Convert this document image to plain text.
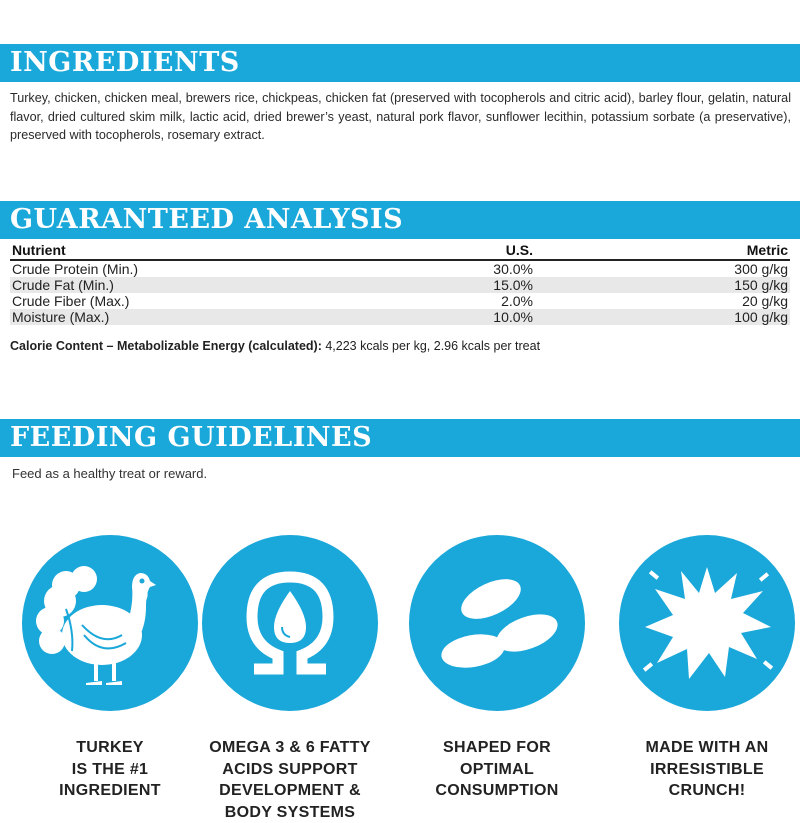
INGREDIENTS
Turkey, chicken, chicken meal, brewers rice, chickpeas, chicken fat (preserved with tocopherols and citric acid), barley flour, gelatin, natural flavor, dried cultured skim milk, lactic acid, dried brewer’s yeast, natural pork flavor, sunflower lecithin, potassium sorbate (a preservative), preserved with tocopherols, rosemary extract.
GUARANTEED ANALYSIS
Nutrient	U.S.	Metric
Crude Protein (Min.)	30.0%	300 g/kg
Crude Fat (Min.)	15.0%	150 g/kg
Crude Fiber (Max.)	2.0%	20 g/kg
Moisture (Max.)	10.0%	100 g/kg
Calorie Content – Metabolizable Energy (calculated): 4,223 kcals per kg, 2.96 kcals per treat
FEEDING GUIDELINES
Feed as a healthy treat or reward.
TURKEY
IS THE #1
INGREDIENT
OMEGA 3 & 6 FATTY
ACIDS SUPPORT
DEVELOPMENT &
BODY SYSTEMS
SHAPED FOR
OPTIMAL
CONSUMPTION
MADE WITH AN
IRRESISTIBLE
CRUNCH!
